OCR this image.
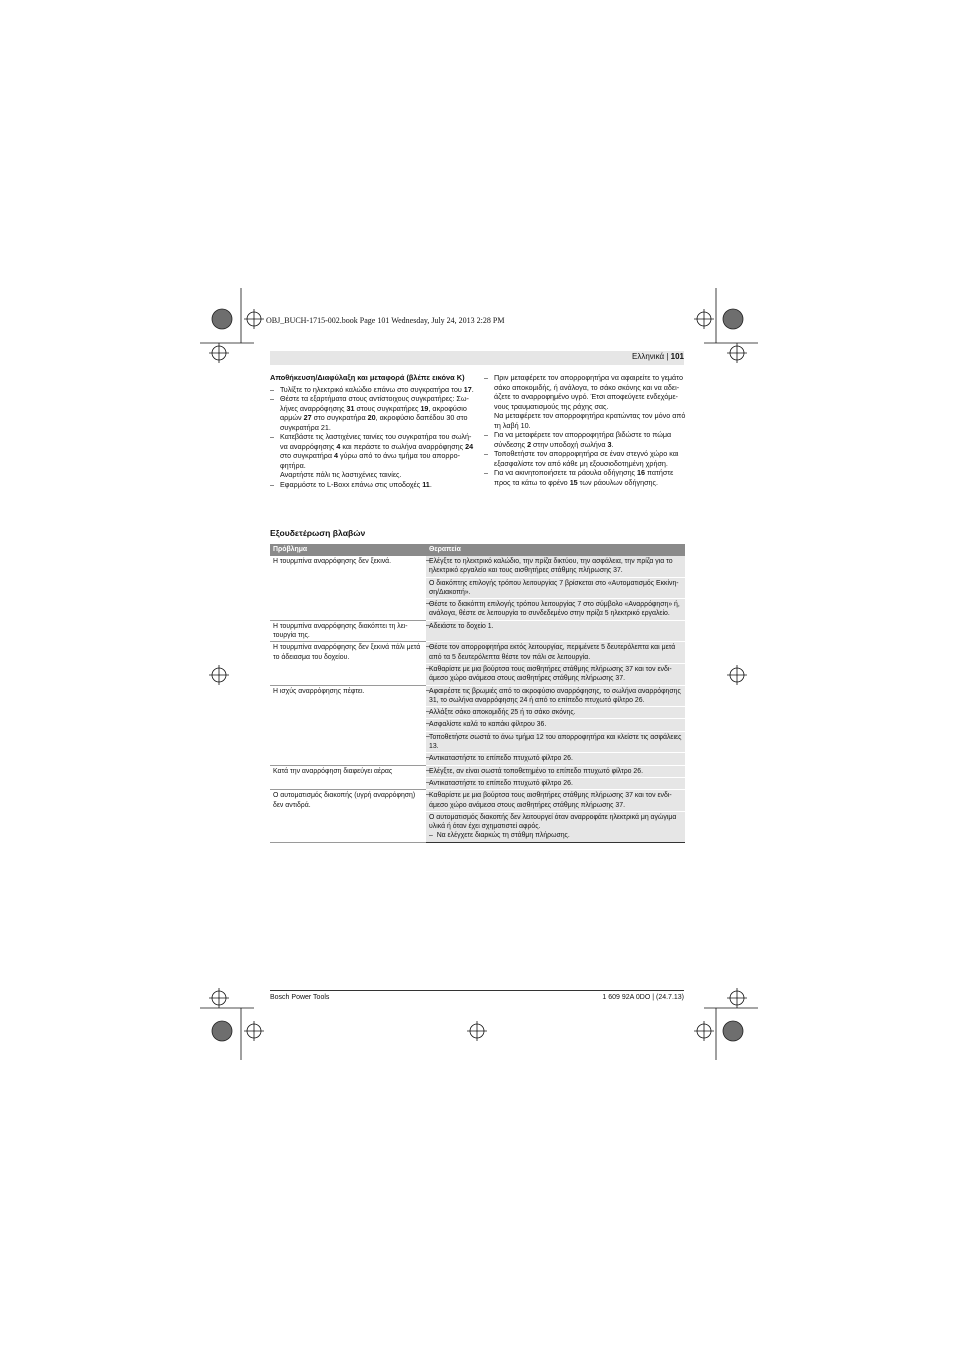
OBJ_BUCH-1715-002.book Page 101 Wednesday, July 24, 2013 2:28 PM
Ελληνικά | 101
Αποθήκευση/Διαφύλαξη και μεταφορά (βλέπε εικόνα K)
– Τυλίξτε το ηλεκτρικό καλώδιο επάνω στο συγκρατήρα του 17.
– Θέστε τα εξαρτήματα στους αντίστοιχους συγκρατήρες: Σωλήνες αναρρόφησης 31 στους συγκρατήρες 19, ακροφύσιο αρμών 27 στο συγκρατήρα 20, ακροφύσιο δαπέδου 30 στο συγκρατήρα 21.
– Κατεβάστε τις λαστιχένιες ταινίες του συγκρατήρα του σωλήνα αναρρόφησης 4 και περάστε το σωλήνα αναρρόφησης 24 στο συγκρατήρα 4 γύρω από το άνω τμήμα του απορροφητήρα.
Αναρτήστε πάλι τις λαστιχένιες ταινίες.
– Εφαρμόστε το L-Boxx επάνω στις υποδοχές 11.
– Πριν μεταφέρετε τον απορροφητήρα να αφαιρείτε το γεμάτο σάκο αποκομιδής, ή ανάλογα, το σάκο σκόνης και να αδειάζετε το αναρροφημένο υγρό. Έτσι αποφεύγετε ενδεχόμενους τραυματισμούς της ράχης σας.
Να μεταφέρετε τον απορροφητήρα κρατώντας τον μόνο από τη λαβή 10.
– Για να μεταφέρετε τον απορροφητήρα βιδώστε το πώμα σύνδεσης 2 στην υποδοχή σωλήνα 3.
– Τοποθετήστε τον απορροφητήρα σε έναν στεγνό χώρο και εξασφαλίστε τον από κάθε μη εξουσιοδοτημένη χρήση.
– Για να ακινητοποιήσετε τα ράουλα οδήγησης 16 πατήστε προς τα κάτω το φρένο 15 των ράουλων οδήγησης.
Εξουδετέρωση βλαβών
Πρόβλημα	Θεραπεία
Η τουρμπίνα αναρρόφησης δεν ξεκινά.	– Ελέγξτε το ηλεκτρικό καλώδιο, την πρίζα δικτύου, την ασφάλεια, την πρίζα για το ηλεκτρικό εργαλείο και τους αισθητήρες στάθμης πλήρωσης 37.
	Ο διακόπτης επιλογής τρόπου λειτουργίας 7 βρίσκεται στο «Αυτοματισμός Εκκίνηση/Διακοπή».

	– Θέστε το διακόπτη επιλογής τρόπου λειτουργίας 7 στο σύμβολο «Αναρρόφηση» ή, ανάλογα, θέστε σε λειτουργία το συνδεδεμένο στην πρίζα 5 ηλεκτρικό εργαλείο.
Η τουρμπίνα αναρρόφησης διακόπτει τη λειτουργία της.	– Αδειάστε το δοχείο 1.
Η τουρμπίνα αναρρόφησης δεν ξεκινά πάλι μετά το άδειασμα του δοχείου.	– Θέστε τον απορροφητήρα εκτός λειτουργίας, περιμένετε 5 δευτερόλεπτα και μετά από τα 5 δευτερόλεπτα θέστε τον πάλι σε λειτουργία.

	– Καθαρίστε με μια βούρτσα τους αισθητήρες στάθμης πλήρωσης 37 και τον ενδιάμεσο χώρο ανάμεσα στους αισθητήρες στάθμης πλήρωσης 37.
Η ισχύς αναρρόφησης πέφτει.	– Αφαιρέστε τις βρωμιές από το ακροφύσιο αναρρόφησης, το σωλήνα αναρρόφησης 31, το σωλήνα αναρρόφησης 24 ή από το επίπεδο πτυχωτό φίλτρο 26.

	– Αλλάξτε σάκο αποκομιδής 25 ή το σάκο σκόνης.

	– Ασφαλίστε καλά το καπάκι φίλτρου 36.

	– Τοποθετήστε σωστά το άνω τμήμα 12 του απορροφητήρα και κλείστε τις ασφάλειες 13.

	– Αντικαταστήστε το επίπεδο πτυχωτό φίλτρο 26.
Κατά την αναρρόφηση διαφεύγει αέρας	– Ελέγξτε, αν είναι σωστά τοποθετημένο το επίπεδο πτυχωτό φίλτρο 26.

	– Αντικαταστήστε το επίπεδο πτυχωτό φίλτρο 26.
Ο αυτοματισμός διακοπής (υγρή αναρρόφηση) δεν αντιδρά.	– Καθαρίστε με μια βούρτσα τους αισθητήρες στάθμης πλήρωσης 37 και τον ενδιάμεσο χώρο ανάμεσα στους αισθητήρες στάθμης πλήρωσης 37.
	Ο αυτοματισμός διακοπής δεν λειτουργεί όταν αναρροφάτε ηλεκτρικά μη αγώγιμα υλικά ή όταν έχει σχηματιστεί αφρός.
– Να ελέγχετε διαρκώς τη στάθμη πλήρωσης.
Bosch Power Tools	1 609 92A 0DO | (24.7.13)
